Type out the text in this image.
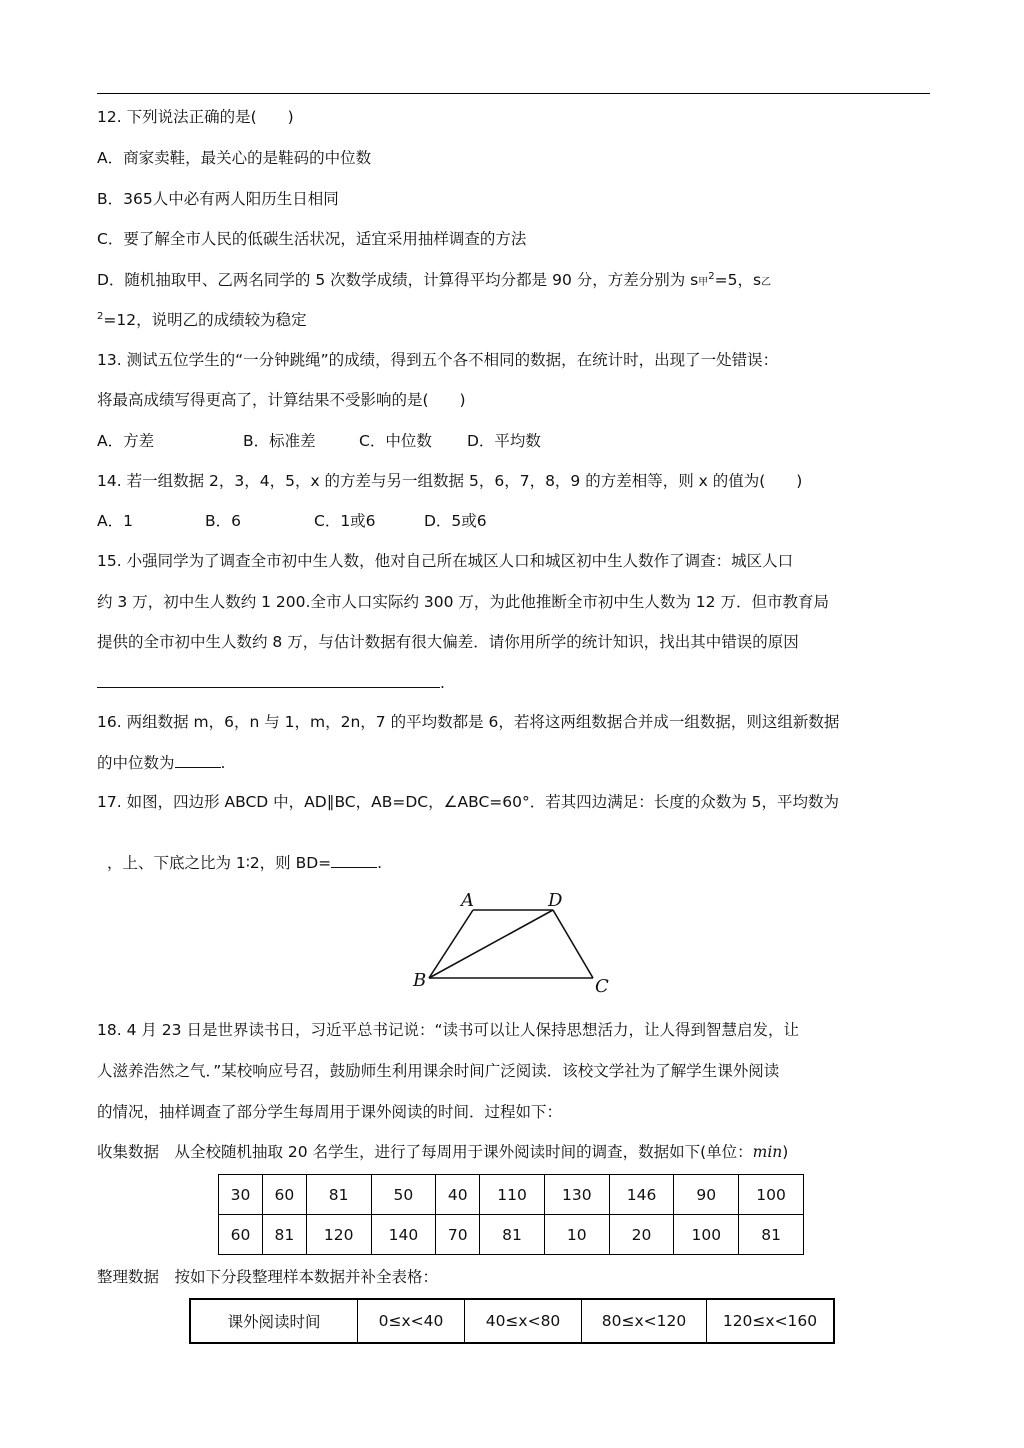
12. 下列说法正确的是(　　)
A．商家卖鞋，最关心的是鞋码的中位数
B．365人中必有两人阳历生日相同
C．要了解全市人民的低碳生活状况，适宜采用抽样调查的方法
D．随机抽取甲、乙两名同学的 5 次数学成绩，计算得平均分都是 90 分，方差分别为 s甲$^2$=5，s乙
$^2$=12，说明乙的成绩较为稳定
13. 测试五位学生的“一分钟跳绳”的成绩，得到五个各不相同的数据，在统计时，出现了一处错误：
将最高成绩写得更高了，计算结果不受影响的是(　　)
A．方差	B．标准差	C．中位数 D．平均数
14. 若一组数据 2，3，4，5，x 的方差与另一组数据 5，6，7，8，9 的方差相等，则 x 的值为(　　)
A．1	B．6	C．1或6	D．5或6
15. 小强同学为了调查全市初中生人数，他对自己所在城区人口和城区初中生人数作了调查：城区人口
约 3 万，初中生人数约 1 200.全市人口实际约 300 万，为此他推断全市初中生人数为 12 万．但市教育局
提供的全市初中生人数约 8 万，与估计数据有很大偏差．请你用所学的统计知识，找出其中错误的原因
.
16. 两组数据 m，6，n 与 1，m，2n，7 的平均数都是 6，若将这两组数据合并成一组数据，则这组新数据
的中位数为	.
17. 如图，四边形 ABCD 中，AD∥BC，AB=DC，∠ABC=60°．若其四边满足：长度的众数为 5，平均数为
，上、下底之比为 1∶2，则 BD=	.
A	D
B	C
18. 4 月 23 日是世界读书日，习近平总书记说：“读书可以让人保持思想活力，让人得到智慧启发，让
人滋养浩然之气．”某校响应号召，鼓励师生利用课余时间广泛阅读．该校文学社为了解学生课外阅读
的情况，抽样调查了部分学生每周用于课外阅读的时间．过程如下：
收集数据　从全校随机抽取 20 名学生，进行了每周用于课外阅读时间的调查，数据如下(单位：min)
30	60	81	50	40	110	130	146	90	100
60	81	120	140	70	81	10	20	100	81
整理数据　按如下分段整理样本数据并补全表格：
课外阅读时间	0≤x<40	40≤x<80	80≤x<120	120≤x<160
